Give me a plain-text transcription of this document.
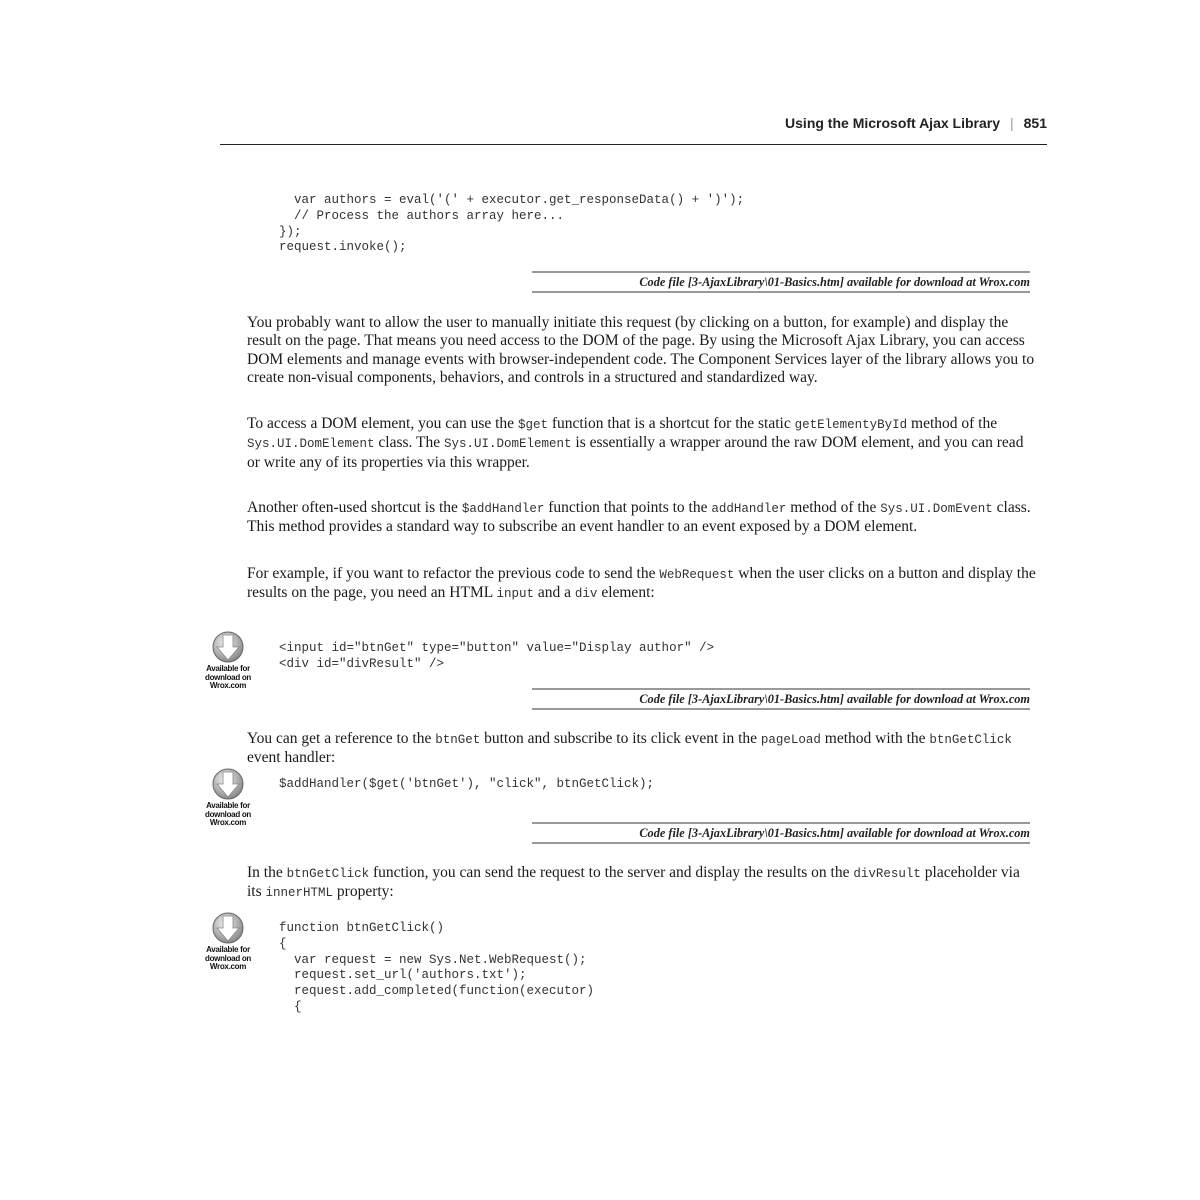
Using the Microsoft Ajax Library | 851
var authors = eval('(' + executor.get_responseData() + ')');
// Process the authors array here...
});
request.invoke();
Code file [3-AjaxLibrary\01-Basics.htm] available for download at Wrox.com

You probably want to allow the user to manually initiate this request (by clicking on a button, for example) and display the result on the page. That means you need access to the DOM of the page. By using the Microsoft Ajax Library, you can access DOM elements and manage events with browser-independent code. The Component Services layer of the library allows you to create non-visual components, behaviors, and controls in a structured and standardized way.

To access a DOM element, you can use the $get function that is a shortcut for the static getElementyById method of the Sys.UI.DomElement class. The Sys.UI.DomElement is essentially a wrapper around the raw DOM element, and you can read or write any of its properties via this wrapper.

Another often-used shortcut is the $addHandler function that points to the addHandler method of the Sys.UI.DomEvent class. This method provides a standard way to subscribe an event handler to an event exposed by a DOM element.

For example, if you want to refactor the previous code to send the WebRequest when the user clicks on a button and display the results on the page, you need an HTML input and a div element:

Available for
download on
Wrox.com
<input id="btnGet" type="button" value="Display author" />
<div id="divResult" />
Code file [3-AjaxLibrary\01-Basics.htm] available for download at Wrox.com

You can get a reference to the btnGet button and subscribe to its click event in the pageLoad method with the btnGetClick event handler:

Available for
download on
Wrox.com
$addHandler($get('btnGet'), "click", btnGetClick);
Code file [3-AjaxLibrary\01-Basics.htm] available for download at Wrox.com

In the btnGetClick function, you can send the request to the server and display the results on the divResult placeholder via its innerHTML property:

Available for
download on
Wrox.com
function btnGetClick()
{
var request = new Sys.Net.WebRequest();
request.set_url('authors.txt');
request.add_completed(function(executor)
{
